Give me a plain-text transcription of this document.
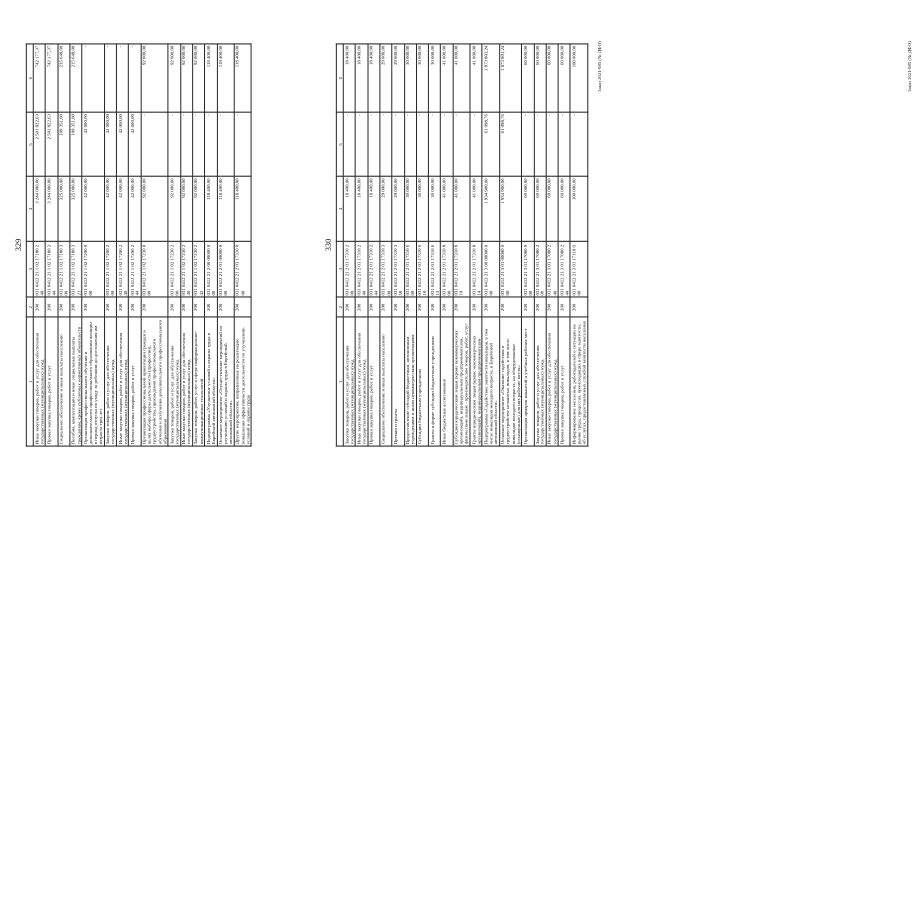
329
1	2	3	4	5	6
Иные закупки товаров, работ и услуг для обеспечения государственных (муниципальных) нужд	200	031 0412 21 1 02 17180 240	3 244 000,00	2 501 822,63	742 177,37
Прочая закупка товаров, работ и услуг	200	031 0412 21 1 02 17180 244	3 244 000,00	2 501 822,63	742 177,37
Социальное обеспечение и иные выплаты населению	200	031 0412 21 1 02 17180 300	325 000,00	109 351,00	215 649,00
Пособия, компенсации и иные социальные выплаты гражданам, кроме публичных нормативных обязательств	200	031 0412 21 1 02 17180 321	325 000,00	109 351,00	215 649,00
Организация профессионального обучения и дополнительного профессионального образования женщин в период отпуска по уходу за ребенком до достижения им возраста трех лет	200	031 0412 21 1 02 17200 000	42 000,00	42 000,00	-
Закупка товаров, работ и услуг для обеспечения государственных (муниципальных) нужд	200	031 0412 21 1 02 17200 200	42 000,00	42 000,00	-
Иные закупки товаров, работ и услуг для обеспечения государственных (муниципальных) нужд	200	031 0412 21 1 02 17200 240	42 000,00	42 000,00	-
Прочая закупка товаров, работ и услуг	200	031 0412 21 1 02 17200 244	42 000,00	42 000,00	-
Организация профессиональной ориентации граждан в целях выбора сферы деятельности (профессии), трудоустройства, прохождения профессионального обучения и получения дополнительного профессионального образования	200	031 0412 21 1 02 17230 000	92 000,00	-	92 000,00
Закупка товаров, работ и услуг для обеспечения государственных (муниципальных) нужд	200	031 0412 21 1 02 17230 200	92 000,00	-	92 000,00
Иные закупки товаров, работ и услуг для обеспечения государственных (муниципальных) нужд	200	031 0412 21 1 02 17230 240	92 000,00	-	92 000,00
Закупка товаров, работ, услуг в сфере информационно-коммуникационных технологий	200	031 0412 21 1 02 17230 242	92 000,00	-	92 000,00
Подпрограмма «Улучшение условий и охраны труда в Еврейской автономной области»	200	031 0412 21 2 00 00000 000	118 400,00	-	118 400,00
Основное мероприятие «Осуществление мероприятий по улучшению условий и охраны труда в Еврейской автономной области»	200	031 0412 21 2 01 00000 000	118 400,00	-	118 400,00
Другие мероприятия, направленные на реализацию повышения эффективности деятельности по улучшению условий и охраны труда	200	031 0412 21 2 01 17310 000	118 400,00	-	118 400,00	Заказ 2021-985 (№ ДФО)
330
1	2	3	4	5	6
Закупка товаров, работ и услуг для обеспечения государственных (муниципальных) нужд	200	031 0412 21 2 01 17310 200	18 400,00	-	18 400,00
Иные закупки товаров, работ и услуг для обеспечения государственных (муниципальных) нужд	200	031 0412 21 2 01 17310 240	18 400,00	-	18 400,00
Прочая закупка товаров, работ и услуг	200	031 0412 21 2 01 17310 244	18 400,00	-	18 400,00
Социальное обеспечение и иные выплаты населению	200	031 0412 21 2 01 17310 300	29 000,00	-	29 000,00
Премии и гранты	200	031 0412 21 2 01 17310 350	29 000,00	-	29 000,00
Предоставление субсидий бюджетным, автономным учреждениям и иным некоммерческим организациям	200	031 0412 21 2 01 17310 600	30 000,00	-	30 000,00
Субсидии бюджетным учреждениям	200	031 0412 21 2 01 17310 610	30 000,00	-	30 000,00
Гранты в форме субсидии бюджетным учреждениям	200	031 0412 21 2 01 17310 613	30 000,00	-	30 000,00
Иные бюджетные ассигнования	200	031 0412 21 2 01 17310 800	41 000,00	-	41 000,00
Субсидии юридическим лицам (кроме некоммерческих организаций), индивидуальным предпринимателям, физическим лицам - производителям товаров, работ, услуг	200	031 0412 21 2 01 17310 810	41 000,00	-	41 000,00
Гранты юридическим лицам (кроме некоммерческих организаций), индивидуальным предпринимателям	200	031 0412 21 2 01 17310 814	41 000,00	-	41 000,00
Подпрограмма «Содействие занятости инвалидов, в том числе инвалидов молодого возраста, в Еврейской автономной области»	200	031 0412 21 3 00 00000 000	1 934 900,00	61 098,76	1 873 801,24
Основное мероприятие «Оказание содействия в трудоустройстве незанятых инвалидов, в том числе инвалидов молодого возраста, на оборудованные (оснащенные) для них рабочие места»	200	031 0412 21 3 01 00000 000	1 934 900,00	61 098,76	1 873 801,24
Организация ярмарок вакансий и учебных рабочих мест	200	031 0412 21 3 01 17080 000	60 000,00	-	60 000,00
Закупка товаров, работ и услуг для обеспечения государственных (муниципальных) нужд	200	031 0412 21 3 01 17080 200	60 000,00	-	60 000,00
Иные закупки товаров, работ и услуг для обеспечения государственных (муниципальных) нужд	200	031 0412 21 3 01 17080 240	60 000,00	-	60 000,00
Прочая закупка товаров, работ и услуг	200	031 0412 21 3 01 17080 244	60 000,00	-	60 000,00
Информирование населения, работодателей о ситуации на рынке труда, процессах, происходящих в сфере занятости, об услугах, предоставляемых службой занятости населения	200	031 0412 21 3 01 17110 000	100 000,00	-	100 000,00	Заказ 2021-985 (№ ДФО)
